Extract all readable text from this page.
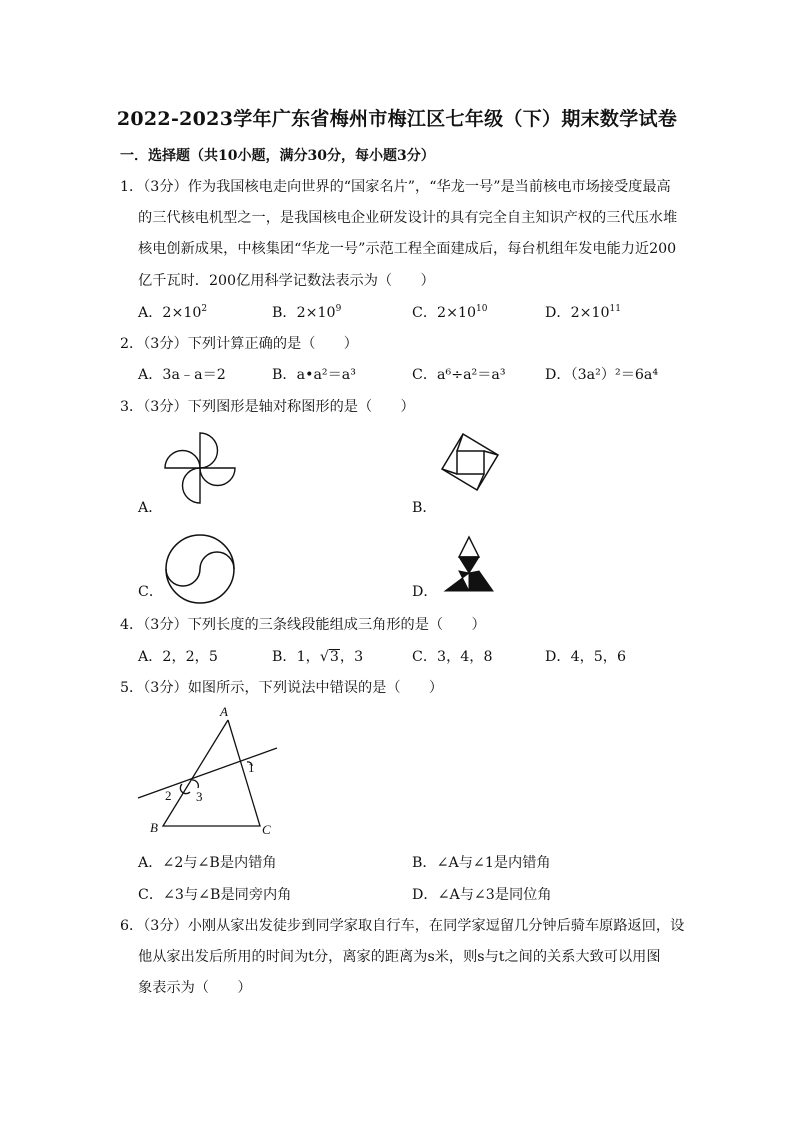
2022-2023学年广东省梅州市梅江区七年级（下）期末数学试卷
一．选择题（共10小题，满分30分，每小题3分）
1．（3分）作为我国核电走向世界的“国家名片”，“华龙一号”是当前核电市场接受度最高
的三代核电机型之一，是我国核电企业研发设计的具有完全自主知识产权的三代压水堆
核电创新成果，中核集团“华龙一号”示范工程全面建成后，每台机组年发电能力近200
亿千瓦时．200亿用科学记数法表示为（　　）
A．$2\times 10^2$	B．$2\times 10^9$	C．$2\times 10^{10}$	D．$2\times 10^{11}$
2．（3分）下列计算正确的是（　　）
A．3a﹣a＝2	B．a•a²＝a³	C．a⁶÷a²＝a³	D．（3a²）²＝6a⁴
3．（3分）下列图形是轴对称图形的是（　　）
A．	B．
C．	D．
4．（3分）下列长度的三条线段能组成三角形的是（　　）
A．2，2，5	B．1，√3，3	C．3，4，8	D．4，5，6
5．（3分）如图所示，下列说法中错误的是（　　）
A
B	C
1
2 3
A．∠2与∠B是内错角	B．∠A与∠1是内错角
C．∠3与∠B是同旁内角	D．∠A与∠3是同位角
6．（3分）小刚从家出发徒步到同学家取自行车，在同学家逗留几分钟后骑车原路返回，设
他从家出发后所用的时间为t分，离家的距离为s米，则s与t之间的关系大致可以用图
象表示为（　　）
